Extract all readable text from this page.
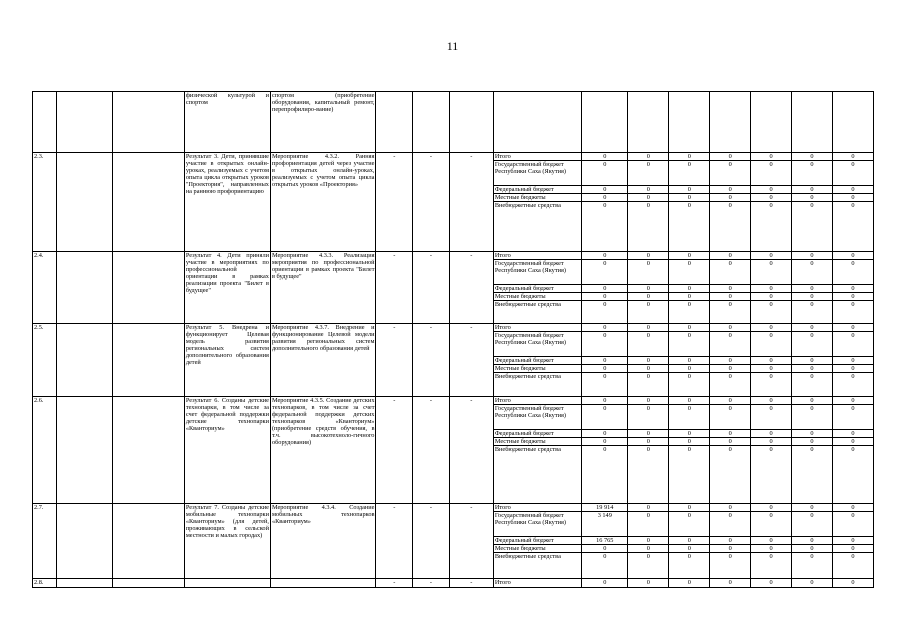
11
			физической культурой и спортом	спортом (приобретение оборудования, капитальный ремонт, перепрофилиро-вание)											
2.3.			Результат 3. Дети, принявшие участие в открытых онлайн-уроках, реализуемых с учетом опыта цикла открытых уроков "Проектория", направленных на раннюю профориентацию	Мероприятие 4.3.2. Ранняя профориентация детей через участие в открытых онлайн-уроках, реализуемых с учетом опыта цикла открытых уроков «Проектория»	-	-	-	Итого	0	0	0	0	0	0	0
								Государственный бюджет Республики Саха (Якутия)	0	0	0	0	0	0	0
								Федеральный бюджет	0	0	0	0	0	0	0
								Местные бюджеты	0	0	0	0	0	0	0
								Внебюджетные средства	0	0	0	0	0	0	0
2.4.			Результат 4. Дети приняли участие в мероприятиях по профессиональной ориентации в рамках реализации проекта "Билет в будущее"	Мероприятие 4.3.3. Реализация мероприятия по профессиональной ориентации в рамках проекта "Билет в будущее"	-	-	-	Итого	0	0	0	0	0	0	0
								Государственный бюджет Республики Саха (Якутия)	0	0	0	0	0	0	0
								Федеральный бюджет	0	0	0	0	0	0	0
								Местные бюджеты	0	0	0	0	0	0	0
								Внебюджетные средства	0	0	0	0	0	0	0
2.5.			Результат 5. Внедрена и функционирует Целевая модель развития региональных систем дополнительного образования детей	Мероприятие 4.3.7. Внедрение и функционирование Целевой модели развития региональных систем дополнительного образования детей	-	-	-	Итого	0	0	0	0	0	0	0
								Государственный бюджет Республики Саха (Якутия)	0	0	0	0	0	0	0
								Федеральный бюджет	0	0	0	0	0	0	0
								Местные бюджеты	0	0	0	0	0	0	0
								Внебюджетные средства	0	0	0	0	0	0	0
2.6.			Результат 6. Созданы детские технопарки, в том числе за счет федеральной поддержки детские технопарки «Кванториум»	Мероприятие 4.3.5. Создание детских технопарков, в том числе за счет федеральной поддержки детских технопарков «Кванториум» (приобретение средств обучения, в т.ч. высокотехноло-гичного оборудования)	-	-	-	Итого	0	0	0	0	0	0	0
								Государственный бюджет Республики Саха (Якутия)	0	0	0	0	0	0	0
								Федеральный бюджет	0	0	0	0	0	0	0
								Местные бюджеты	0	0	0	0	0	0	0
								Внебюджетные средства	0	0	0	0	0	0	0
2.7.			Результат 7. Созданы детские мобильные технопарки «Кванториум» (для детей, проживающих в сельской местности и малых городах)	Мероприятие 4.3.4. Создание мобильных технопарков «Кванториум»	-	-	-	Итого	19 914	0	0	0	0	0	0
								Государственный бюджет Республики Саха (Якутия)	3 149	0	0	0	0	0	0
								Федеральный бюджет	16 765	0	0	0	0	0	0
								Местные бюджеты	0	0	0	0	0	0	0
								Внебюджетные средства	0	0	0	0	0	0	0
2.8.					-	-	-	Итого	0	0	0	0	0	0	0
